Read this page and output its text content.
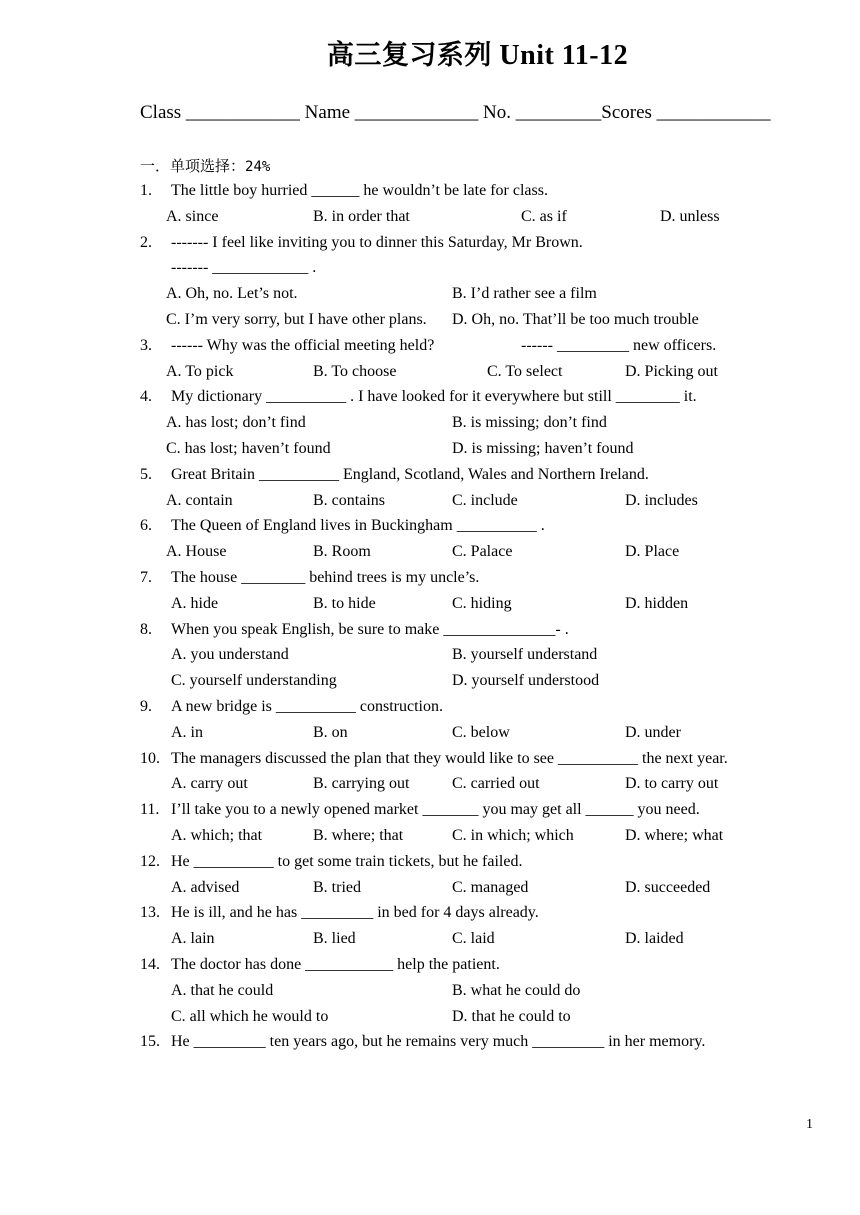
高三复习系列 Unit 11-12
Class ____________ Name _____________ No. _________Scores ____________
一．单项选择：24%
1. The little boy hurried ______ he wouldn’t be late for class.
A. since	B. in order that	C. as if	D. unless
2. ------- I feel like inviting you to dinner this Saturday, Mr Brown.
------- ____________ .
A. Oh, no. Let’s not.	B. I’d rather see a film
C. I’m very sorry, but I have other plans. D. Oh, no. That’ll be too much trouble
3. ------ Why was the official meeting held?	------ _________ new officers.
A. To pick	B. To choose	C. To select	D. Picking out
4. My dictionary __________ . I have looked for it everywhere but still ________ it.
A. has lost; don’t find	B. is missing; don’t find
C. has lost; haven’t found	D. is missing; haven’t found
5. Great Britain __________ England, Scotland, Wales and Northern Ireland.
A. contain	B. contains	C. include	D. includes
6. The Queen of England lives in Buckingham __________ .
A. House	B. Room	C. Palace	D. Place
7. The house ________ behind trees is my uncle’s.
A. hide	B. to hide	C. hiding	D. hidden
8. When you speak English, be sure to make ______________- .
A. you understand	B. yourself understand
C. yourself understanding	D. yourself understood
9. A new bridge is __________ construction.
A. in	B. on	C. below	D. under
10. The managers discussed the plan that they would like to see __________ the next year.
A. carry out	B. carrying out	C. carried out	D. to carry out
11. I’ll take you to a newly opened market _______ you may get all ______ you need.
A. which; that	B. where; that	C. in which; which	D. where; what
12. He __________ to get some train tickets, but he failed.
A. advised	B. tried	C. managed	D. succeeded
13. He is ill, and he has _________ in bed for 4 days already.
A. lain	B. lied	C. laid	D. laided
14. The doctor has done ___________ help the patient.
A. that he could	B. what he could do
C. all which he would to	D. that he could to
15. He _________ ten years ago, but he remains very much _________ in her memory.
1
